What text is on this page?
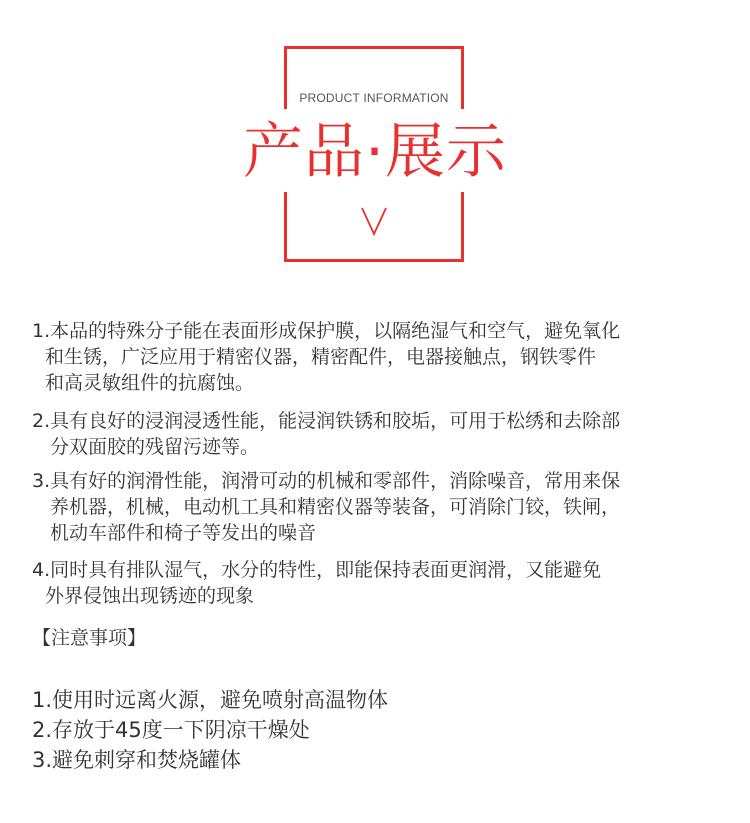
PRODUCT INFORMATION
产品·展示
1.本品的特殊分子能在表面形成保护膜，以隔绝湿气和空气，避免氧化
和生锈，广泛应用于精密仪器，精密配件，电器接触点，钢铁零件
和高灵敏组件的抗腐蚀。
2.具有良好的浸润浸透性能，能浸润铁锈和胶垢，可用于松绣和去除部
分双面胶的残留污迹等。
3.具有好的润滑性能，润滑可动的机械和零部件，消除噪音，常用来保
养机器，机械，电动机工具和精密仪器等装备，可消除门铰，铁闸，
机动车部件和椅子等发出的噪音
4.同时具有排队湿气，水分的特性，即能保持表面更润滑，又能避免
外界侵蚀出现锈迹的现象
【注意事项】
1.使用时远离火源，避免喷射高温物体
2.存放于45度一下阴凉干燥处
3.避免刺穿和焚烧罐体
